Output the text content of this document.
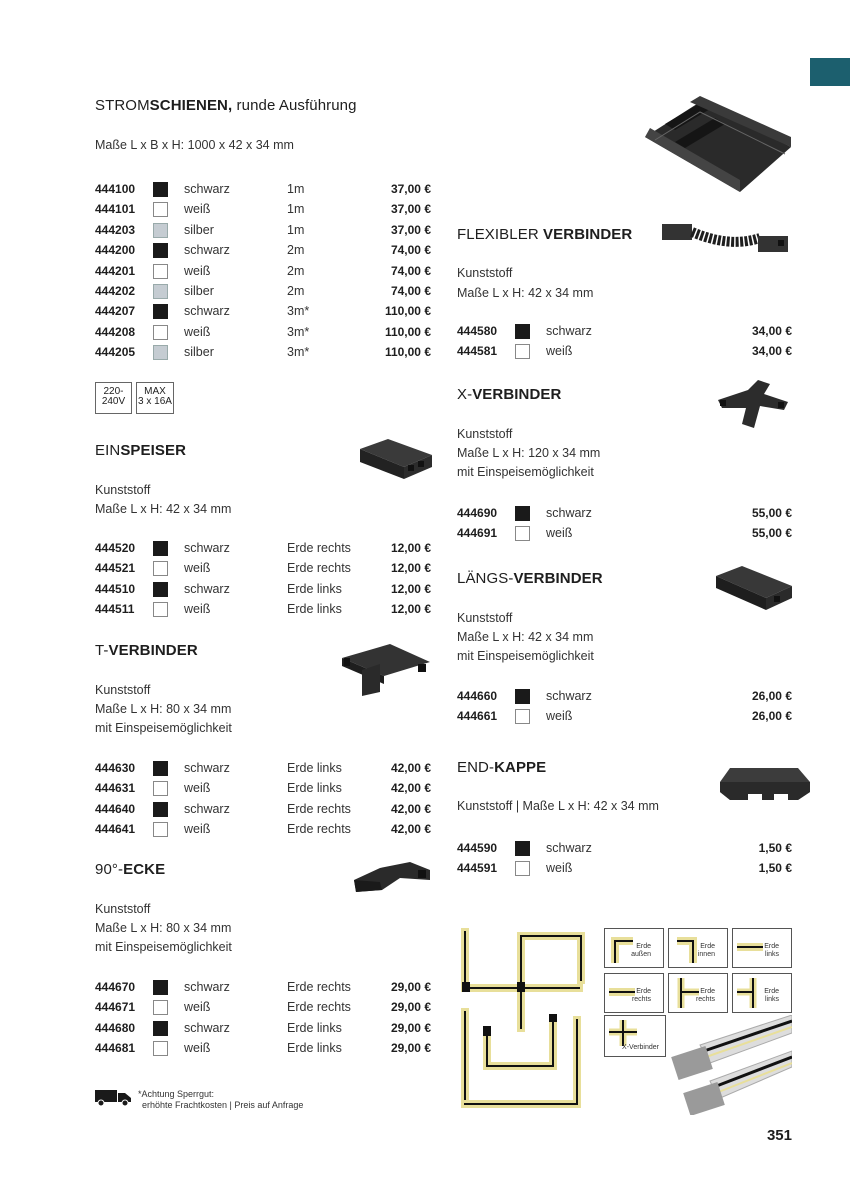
STROMSCHIENEN, runde Ausführung
Maße L x B x H: 1000 x 42 x 34 mm
444100	schwarz	1m	37,00 €
444101	weiß	1m	37,00 €
444203	silber	1m	37,00 €
444200	schwarz	2m	74,00 €
444201	weiß	2m	74,00 €
444202	silber	2m	74,00 €
444207	schwarz	3m*	110,00 €
444208	weiß	3m*	110,00 €
444205	silber	3m*	110,00 €
220-
240V
MAX
3 x 16A
EINSPEISER
Kunststoff
Maße L x H: 42 x 34 mm
444520	schwarz	Erde rechts	12,00 €
444521	weiß	Erde rechts	12,00 €
444510	schwarz	Erde links	12,00 €
444511	weiß	Erde links	12,00 €
T-VERBINDER
Kunststoff
Maße L x H: 80 x 34 mm
mit Einspeisemöglichkeit
444630	schwarz	Erde links	42,00 €
444631	weiß	Erde links	42,00 €
444640	schwarz	Erde rechts	42,00 €
444641	weiß	Erde rechts	42,00 €
90°-ECKE
Kunststoff
Maße L x H: 80 x 34 mm
mit Einspeisemöglichkeit
444670	schwarz	Erde rechts	29,00 €
444671	weiß	Erde rechts	29,00 €
444680	schwarz	Erde links	29,00 €
444681	weiß	Erde links	29,00 €
*Achtung Sperrgut:
erhöhte Frachtkosten | Preis auf Anfrage
FLEXIBLER VERBINDER
Kunststoff
Maße L x H: 42 x 34 mm
444580	schwarz	34,00 €
444581	weiß	34,00 €
X-VERBINDER
Kunststoff
Maße L x H: 120 x 34 mm
mit Einspeisemöglichkeit
444690	schwarz	55,00 €
444691	weiß	55,00 €
LÄNGS-VERBINDER
Kunststoff
Maße L x H: 42 x 34 mm
mit Einspeisemöglichkeit
444660	schwarz	26,00 €
444661	weiß	26,00 €
END-KAPPE
Kunststoff | Maße L x H: 42 x 34 mm
444590	schwarz	1,50 €
444591	weiß	1,50 €
Erde

außen
Erde

innen
Erde

links
Erde

rechts
Erde

rechts
Erde

links
X-Verbinder
351
